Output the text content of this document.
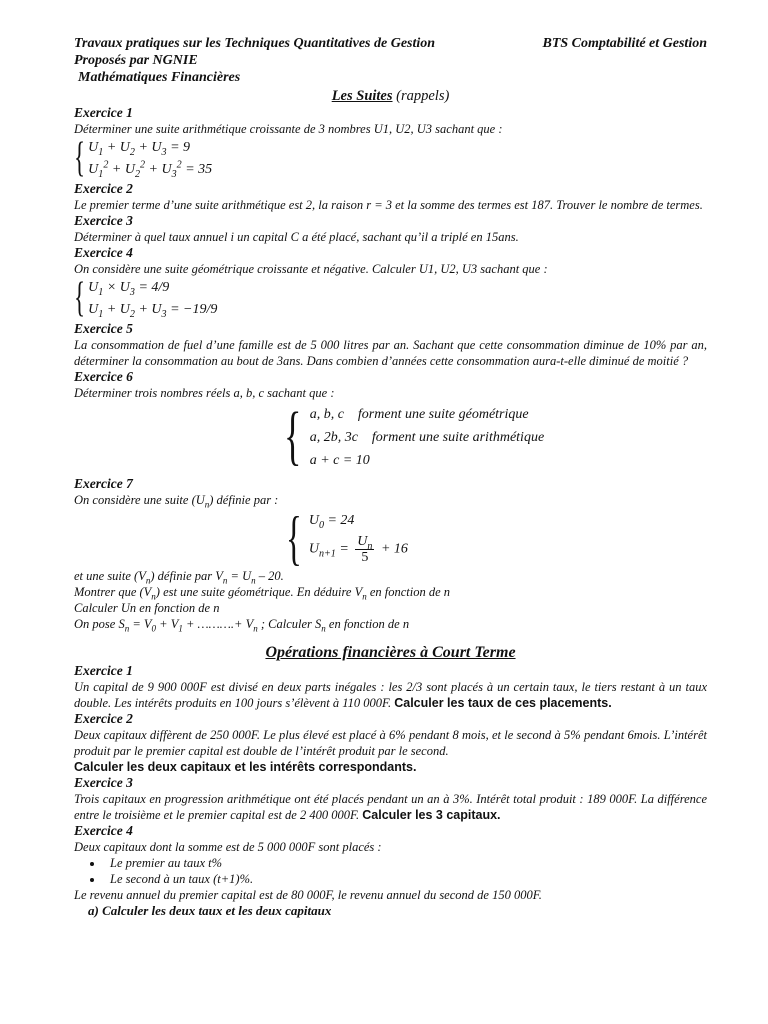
Travaux pratiques sur les Techniques Quantitatives de Gestion	BTS Comptabilité et Gestion
Proposés par NGNIE
Mathématiques Financières
Les Suites (rappels)
Exercice 1
Déterminer une suite arithmétique croissante de 3 nombres U1, U2, U3 sachant que :
{ $U_1 + U_2 + U_3 = 9$
$U_1^2 + U_2^2 + U_3^2 = 35$
Exercice 2
Le premier terme d’une suite arithmétique est 2, la raison r = 3 et la somme des termes est 187. Trouver le nombre de termes.
Exercice 3
Déterminer à quel taux annuel i un capital C a été placé, sachant qu’il a triplé en 15ans.
Exercice 4
On considère une suite géométrique croissante et négative. Calculer U1, U2, U3 sachant que :
{ $U_1 \times U_3 = 4/9$
$U_1 + U_2 + U_3 = -19/9$
Exercice 5
La consommation de fuel d’une famille est de 5 000 litres par an. Sachant que cette consommation diminue de 10% par an, déterminer la consommation au bout de 3ans. Dans combien d’années cette consommation aura-t-elle diminué de moitié ?
Exercice 6
Déterminer trois nombres réels a, b, c sachant que :
{ a, b, c forment une suite géométrique
a, 2b, 3c forment une suite arithmétique
a + c = 10
Exercice 7
On considère une suite $(U_n)$ définie par :
{ $U_0 = 24$
$U_{n+1} = \frac{U_n}{5} + 16$
et une suite $(V_n)$ définie par $V_n = U_n - 20$.
Montrer que $(V_n)$ est une suite géométrique. En déduire $V_n$ en fonction de n
Calculer Un en fonction de n
On pose $S_n = V_0 + V_1$ + ……….+ $V_n$ ; Calculer $S_n$ en fonction de n
Opérations financières à Court Terme
Exercice 1
Un capital de 9 900 000F est divisé en deux parts inégales : les 2/3 sont placés à un certain taux, le tiers restant à un taux double. Les intérêts produits en 100 jours s’élèvent à 110 000F. Calculer les taux de ces placements.
Exercice 2
Deux capitaux diffèrent de 250 000F. Le plus élevé est placé à 6% pendant 8 mois, et le second à 5% pendant 6mois. L’intérêt produit par le premier capital est double de l’intérêt produit par le second.
Calculer les deux capitaux et les intérêts correspondants.
Exercice 3
Trois capitaux en progression arithmétique ont été placés pendant un an à 3%. Intérêt total produit : 189 000F. La différence entre le troisième et le premier capital est de 2 400 000F. Calculer les 3 capitaux.
Exercice 4
Deux capitaux dont la somme est de 5 000 000F sont placés :
• Le premier au taux t%
• Le second à un taux (t+1)%.
Le revenu annuel du premier capital est de 80 000F, le revenu annuel du second de 150 000F.
a) Calculer les deux taux et les deux capitaux
